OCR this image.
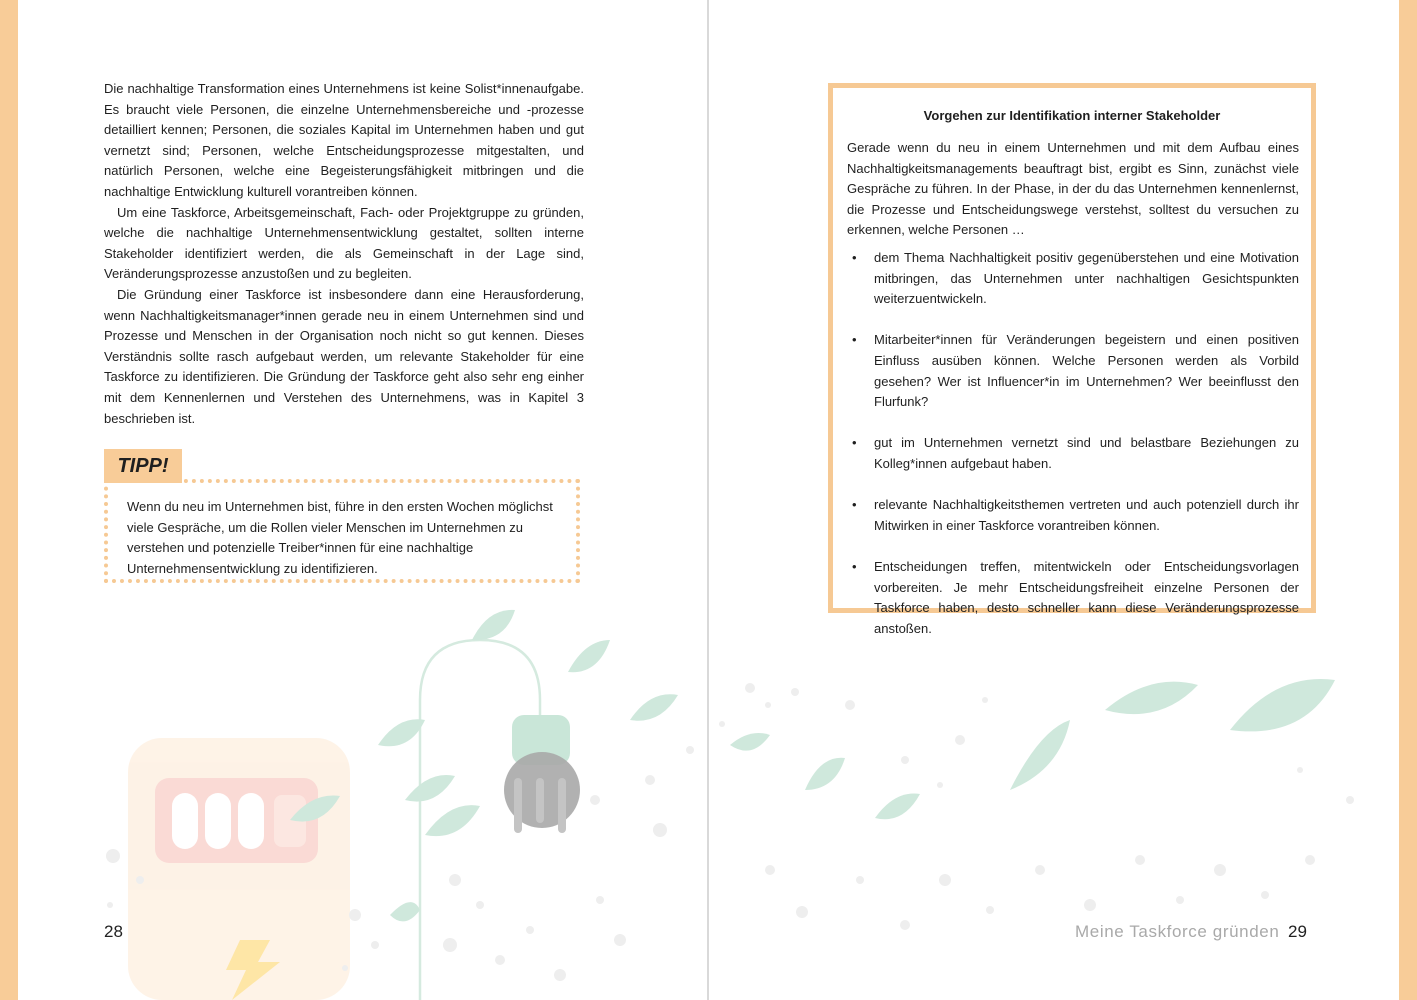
Die nachhaltige Transformation eines Unternehmens ist keine Solist*innenaufgabe. Es braucht viele Personen, die einzelne Unternehmensbereiche und -prozesse detailliert kennen; Personen, die soziales Kapital im Unternehmen haben und gut vernetzt sind; Personen, welche Entscheidungsprozesse mitgestalten, und natürlich Personen, welche eine Begeisterungsfähigkeit mitbringen und die nachhaltige Entwicklung kulturell vorantreiben können.

Um eine Taskforce, Arbeitsgemeinschaft, Fach- oder Projektgruppe zu gründen, welche die nachhaltige Unternehmensentwicklung gestaltet, sollten interne Stakeholder identifiziert werden, die als Gemeinschaft in der Lage sind, Veränderungsprozesse anzustoßen und zu begleiten.

Die Gründung einer Taskforce ist insbesondere dann eine Herausforderung, wenn Nachhaltigkeitsmanager*innen gerade neu in einem Unternehmen sind und Prozesse und Menschen in der Organisation noch nicht so gut kennen. Dieses Verständnis sollte rasch aufgebaut werden, um relevante Stakeholder für eine Taskforce zu identifizieren. Die Gründung der Taskforce geht also sehr eng einher mit dem Kennenlernen und Verstehen des Unternehmens, was in Kapitel 3 beschrieben ist.

Wenn du neu im Unternehmen bist, führe in den ersten Wochen möglichst viele Gespräche, um die Rollen vieler Menschen im Unternehmen zu verstehen und potenzielle Treiber*innen für eine nachhaltige Unternehmensentwicklung zu identifizieren.

TIPP!
28
Vorgehen zur Identifikation interner Stakeholder

Gerade wenn du neu in einem Unternehmen und mit dem Aufbau eines Nachhaltigkeitsmanagements beauftragt bist, ergibt es Sinn, zunächst viele Gespräche zu führen. In der Phase, in der du das Unternehmen kennenlernst, die Prozesse und Entscheidungswege verstehst, solltest du versuchen zu erkennen, welche Personen …

• dem Thema Nachhaltigkeit positiv gegenüberstehen und eine Motivation mitbringen, das Unternehmen unter nachhaltigen Gesichtspunkten weiterzuentwickeln.
• Mitarbeiter*innen für Veränderungen begeistern und einen positiven Einfluss ausüben können. Welche Personen werden als Vorbild gesehen? Wer ist Influencer*in im Unternehmen? Wer beeinflusst den Flurfunk?
• gut im Unternehmen vernetzt sind und belastbare Beziehungen zu Kolleg*innen aufgebaut haben.
• relevante Nachhaltigkeitsthemen vertreten und auch potenziell durch ihr Mitwirken in einer Taskforce vorantreiben können.
• Entscheidungen treffen, mitentwickeln oder Entscheidungsvorlagen vorbereiten. Je mehr Entscheidungsfreiheit einzelne Personen der Taskforce haben, desto schneller kann diese Veränderungsprozesse anstoßen.
Meine Taskforce gründen 29
